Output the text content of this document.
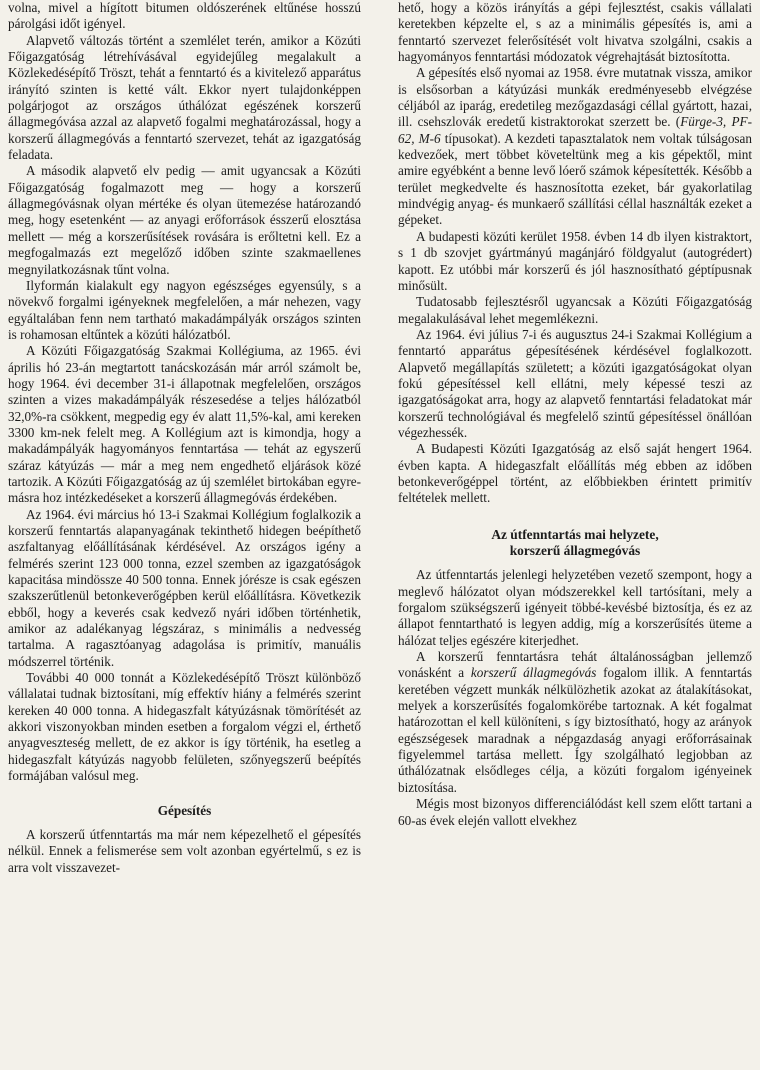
volna, mivel a hígított bitumen oldószerének eltűnése hosszú párolgási időt igényel.

Alapvető változás történt a szemlélet terén, amikor a Közúti Főigazgatóság létrehívásával egyidejűleg megalakult a Közlekedésépítő Tröszt, tehát a fenntartó és a kivitelező apparátus irányító szinten is ketté vált. Ekkor nyert tulajdonképpen polgárjogot az országos úthálózat egészének korszerű állagmegóvása azzal az alapvető fogalmi meghatározással, hogy a korszerű állagmegóvás a fenntartó szervezet, tehát az igazgatóság feladata.

A második alapvető elv pedig — amit ugyancsak a Közúti Főigazgatóság fogalmazott meg — hogy a korszerű állagmegóvásnak olyan mértéke és olyan ütemezése határozandó meg, hogy esetenként — az anyagi erőforrások ésszerű elosztása mellett — még a korszerűsítések rovására is erőltetni kell. Ez a megfogalmazás ezt megelőző időben szinte szakmaellenes megnyilatkozásnak tűnt volna.

Ilyformán kialakult egy nagyon egészséges egyensúly, s a növekvő forgalmi igényeknek megfelelően, a már nehezen, vagy egyáltalában fenn nem tartható makadámpályák országos szinten is rohamosan eltűntek a közúti hálózatból.

A Közúti Főigazgatóság Szakmai Kollégiuma, az 1965. évi április hó 23-án megtartott tanácskozásán már arról számolt be, hogy 1964. évi december 31-i állapotnak megfelelően, országos szinten a vizes makadámpályák részesedése a teljes hálózatból 32,0%-ra csökkent, megpedig egy év alatt 11,5%-kal, ami kereken 3300 km-nek felelt meg. A Kollégium azt is kimondja, hogy a makadámpályák hagyományos fenntartása — tehát az egyszerű száraz kátyúzás — már a meg nem engedhető eljárások közé tartozik. A Közúti Főigazgatóság az új szemlélet birtokában egyre-másra hoz intézkedéseket a korszerű állagmegóvás érdekében.

Az 1964. évi március hó 13-i Szakmai Kollégium foglalkozik a korszerű fenntartás alapanyagának tekinthető hidegen beépíthető aszfaltanyag előállításának kérdésével. Az országos igény a felmérés szerint 123 000 tonna, ezzel szemben az igazgatóságok kapacitása mindössze 40 500 tonna. Ennek jórésze is csak egészen szakszerűtlenül betonkeverőgépben kerül előállításra. Következik ebből, hogy a keverés csak kedvező nyári időben történhetik, amikor az adalékanyag légszáraz, s minimális a nedvesség tartalma. A ragasztóanyag adagolása is primitív, manuális módszerrel történik.

További 40 000 tonnát a Közlekedésépítő Tröszt különböző vállalatai tudnak biztosítani, míg effektív hiány a felmérés szerint kereken 40 000 tonna. A hidegaszfalt kátyúzásnak tömörítését az akkori viszonyokban minden esetben a forgalom végzi el, érthető anyagveszteség mellett, de ez akkor is így történik, ha esetleg a hidegaszfalt kátyúzás nagyobb felületen, szőnyegszerű beépítés formájában valósul meg.

Gépesítés

A korszerű útfenntartás ma már nem képezelhető el gépesítés nélkül. Ennek a felismerése sem volt azonban egyértelmű, s ez is arra volt visszavezet-

hető, hogy a közös irányítás a gépi fejlesztést, csakis vállalati keretekben képzelte el, s az a minimális gépesítés is, ami a fenntartó szervezet felerősítését volt hivatva szolgálni, csakis a hagyományos fenntartási módozatok végrehajtását biztosította.

A gépesítés első nyomai az 1958. évre mutatnak vissza, amikor is elsősorban a kátyúzási munkák eredményesebb elvégzése céljából az iparág, eredetileg mezőgazdasági céllal gyártott, hazai, ill. csehszlovák eredetű kistraktorokat szerzett be. (Fürge-3, PF-62, M-6 típusokat). A kezdeti tapasztalatok nem voltak túlságosan kedvezőek, mert többet követeltünk meg a kis gépektől, mint amire egyébként a benne levő lóerő számok képesítették. Később a terület megkedvelte és hasznosította ezeket, bár gyakorlatilag mindvégig anyag- és munkaerő szállítási céllal használták ezeket a gépeket.

A budapesti közúti kerület 1958. évben 14 db ilyen kistraktort, s 1 db szovjet gyártmányú magánjáró földgyalut (autogrédert) kapott. Ez utóbbi már korszerű és jól hasznosítható géptípusnak minősült.

Tudatosabb fejlesztésről ugyancsak a Közúti Főigazgatóság megalakulásával lehet megemlékezni.

Az 1964. évi július 7-i és augusztus 24-i Szakmai Kollégium a fenntartó apparátus gépesítésének kérdésével foglalkozott. Alapvető megállapítás született; a közúti igazgatóságokat olyan fokú gépesítéssel kell ellátni, mely képessé teszi az igazgatóságokat arra, hogy az alapvető fenntartási feladatokat már korszerű technológiával és megfelelő szintű gépesítéssel önállóan végezhessék.

A Budapesti Közúti Igazgatóság az első saját hengert 1964. évben kapta. A hidegaszfalt előállítás még ebben az időben betonkeverőgéppel történt, az előbbiekben érintett primitív feltételek mellett.

Az útfenntartás mai helyzete,
korszerű állagmegóvás

Az útfenntartás jelenlegi helyzetében vezető szempont, hogy a meglevő hálózatot olyan módszerekkel kell tartósítani, mely a forgalom szükségszerű igényeit többé-kevésbé biztosítja, és ez az állapot fenntartható is legyen addig, míg a korszerűsítés üteme a hálózat teljes egészére kiterjedhet.

A korszerű fenntartásra tehát általánosságban jellemző vonásként a korszerű állagmegóvás fogalom illik. A fenntartás keretében végzett munkák nélkülözhetik azokat az átalakításokat, melyek a korszerűsítés fogalomkörébe tartoznak. A két fogalmat határozottan el kell különíteni, s így biztosítható, hogy az arányok egészségesek maradnak a népgazdaság anyagi erőforrásainak figyelemmel tartása mellett. Így szolgálható legjobban az úthálózatnak elsődleges célja, a közúti forgalom igényeinek biztosítása.

Mégis most bizonyos differenciálódást kell szem előtt tartani a 60-as évek elején vallott elvekhez
